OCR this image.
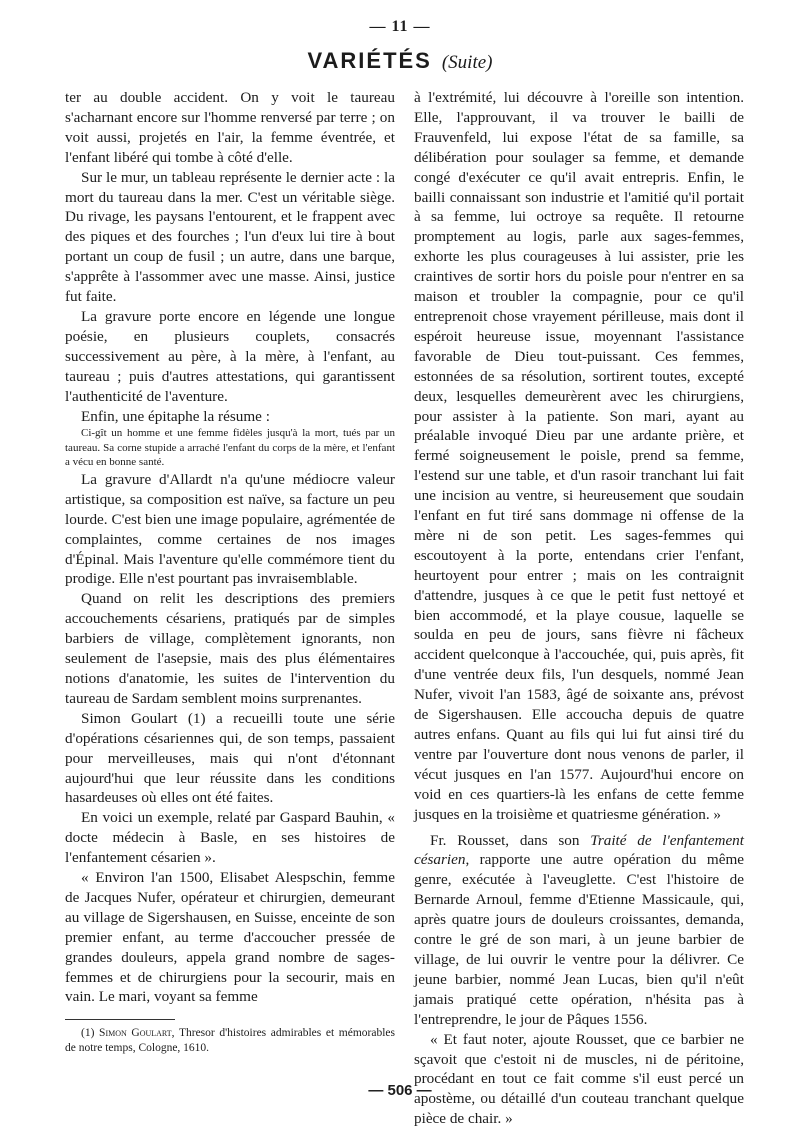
— 11 —
VARIÉTÉS (Suite)

ter au double accident. On y voit le taureau s'acharnant encore sur l'homme renversé par terre ; on voit aussi, projetés en l'air, la femme éventrée, et l'enfant libéré qui tombe à côté d'elle.

Sur le mur, un tableau représente le dernier acte : la mort du taureau dans la mer. C'est un véritable siège. Du rivage, les paysans l'entourent, et le frappent avec des piques et des fourches ; l'un d'eux lui tire à bout portant un coup de fusil ; un autre, dans une barque, s'apprête à l'assommer avec une masse. Ainsi, justice fut faite.

La gravure porte encore en légende une longue poésie, en plusieurs couplets, consacrés successivement au père, à la mère, à l'enfant, au taureau ; puis d'autres attestations, qui garantissent l'authenticité de l'aventure.

Enfin, une épitaphe la résume :

Ci-gît un homme et une femme fidèles jusqu'à la mort, tués par un taureau. Sa corne stupide a arraché l'enfant du corps de la mère, et l'enfant a vécu en bonne santé.

La gravure d'Allardt n'a qu'une médiocre valeur artistique, sa composition est naïve, sa facture un peu lourde. C'est bien une image populaire, agrémentée de complaintes, comme certaines de nos images d'Épinal. Mais l'aventure qu'elle commémore tient du prodige. Elle n'est pourtant pas invraisemblable.

Quand on relit les descriptions des premiers accouchements césariens, pratiqués par de simples barbiers de village, complètement ignorants, non seulement de l'asepsie, mais des plus élémentaires notions d'anatomie, les suites de l'intervention du taureau de Sardam semblent moins surprenantes.

Simon Goulart (1) a recueilli toute une série d'opérations césariennes qui, de son temps, passaient pour merveilleuses, mais qui n'ont d'étonnant aujourd'hui que leur réussite dans les conditions hasardeuses où elles ont été faites.

En voici un exemple, relaté par Gaspard Bauhin, « docte médecin à Basle, en ses histoires de l'enfantement césarien ».

« Environ l'an 1500, Elisabet Alespschin, femme de Jacques Nufer, opérateur et chirurgien, demeurant au village de Sigershausen, en Suisse, enceinte de son premier enfant, au terme d'accoucher pressée de grandes douleurs, appela grand nombre de sages-femmes et de chirurgiens pour la secourir, mais en vain. Le mari, voyant sa femme

(1) Simon Goulart, Thresor d'histoires admirables et mémorables de notre temps, Cologne, 1610.

à l'extrémité, lui découvre à l'oreille son intention. Elle, l'approuvant, il va trouver le bailli de Frauvenfeld, lui expose l'état de sa famille, sa délibération pour soulager sa femme, et demande congé d'exécuter ce qu'il avait entrepris. Enfin, le bailli connaissant son industrie et l'amitié qu'il portait à sa femme, lui octroye sa requête. Il retourne promptement au logis, parle aux sages-femmes, exhorte les plus courageuses à lui assister, prie les craintives de sortir hors du poisle pour n'entrer en sa maison et troubler la compagnie, pour ce qu'il entreprenoit chose vrayement périlleuse, mais dont il espéroit heureuse issue, moyennant l'assistance favorable de Dieu tout-puissant. Ces femmes, estonnées de sa résolution, sortirent toutes, excepté deux, lesquelles demeurèrent avec les chirurgiens, pour assister à la patiente. Son mari, ayant au préalable invoqué Dieu par une ardante prière, et fermé soigneusement le poisle, prend sa femme, l'estend sur une table, et d'un rasoir tranchant lui fait une incision au ventre, si heureusement que soudain l'enfant en fut tiré sans dommage ni offense de la mère ni de son petit. Les sages-femmes qui escoutoyent à la porte, entendans crier l'enfant, heurtoyent pour entrer ; mais on les contraignit d'attendre, jusques à ce que le petit fust nettoyé et bien accommodé, et la playe cousue, laquelle se soulda en peu de jours, sans fièvre ni fâcheux accident quelconque à l'accouchée, qui, puis après, fit d'une ventrée deux fils, l'un desquels, nommé Jean Nufer, vivoit l'an 1583, âgé de soixante ans, prévost de Sigershausen. Elle accoucha depuis de quatre autres enfans. Quant au fils qui lui fut ainsi tiré du ventre par l'ouverture dont nous venons de parler, il vécut jusques en l'an 1577. Aujourd'hui encore on void en ces quartiers-là les enfans de cette femme jusques en la troisième et quatriesme génération. »

Fr. Rousset, dans son Traité de l'enfantement césarien, rapporte une autre opération du même genre, exécutée à l'aveuglette. C'est l'histoire de Bernarde Arnoul, femme d'Etienne Massicaule, qui, après quatre jours de douleurs croissantes, demanda, contre le gré de son mari, à un jeune barbier de village, de lui ouvrir le ventre pour la délivrer. Ce jeune barbier, nommé Jean Lucas, bien qu'il n'eût jamais pratiqué cette opération, n'hésita pas à l'entreprendre, le jour de Pâques 1556.

« Et faut noter, ajoute Rousset, que ce barbier ne sçavoit que c'estoit ni de muscles, ni de péritoine, procédant en tout ce fait comme s'il eust percé un apostème, ou détaillé d'un couteau tranchant quelque pièce de chair. »

— 506 —
